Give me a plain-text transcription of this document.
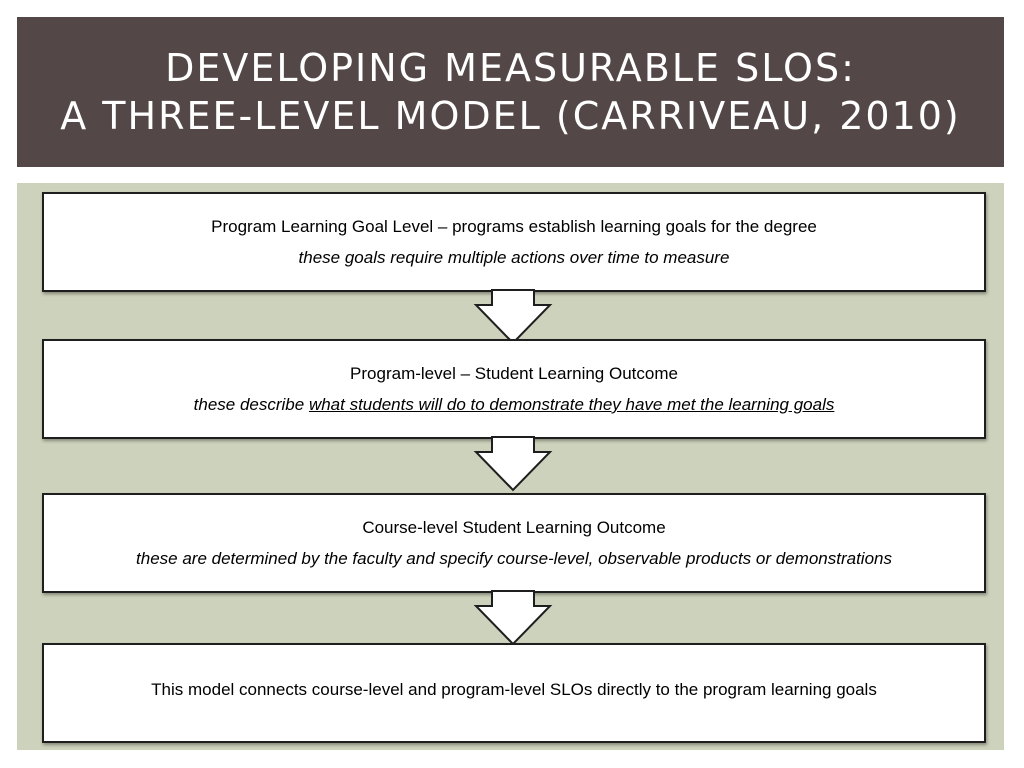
DEVELOPING MEASURABLE SLOS:
A THREE-LEVEL MODEL (CARRIVEAU, 2010)
Program Learning Goal Level – programs establish learning goals for the degree
these goals require multiple actions over time to measure
Program-level – Student Learning Outcome
these describe what students will do to demonstrate they have met the learning goals
Course-level Student Learning Outcome
these are determined by the faculty and specify course-level, observable products or demonstrations
This model connects course-level and program-level SLOs directly to the program learning goals
